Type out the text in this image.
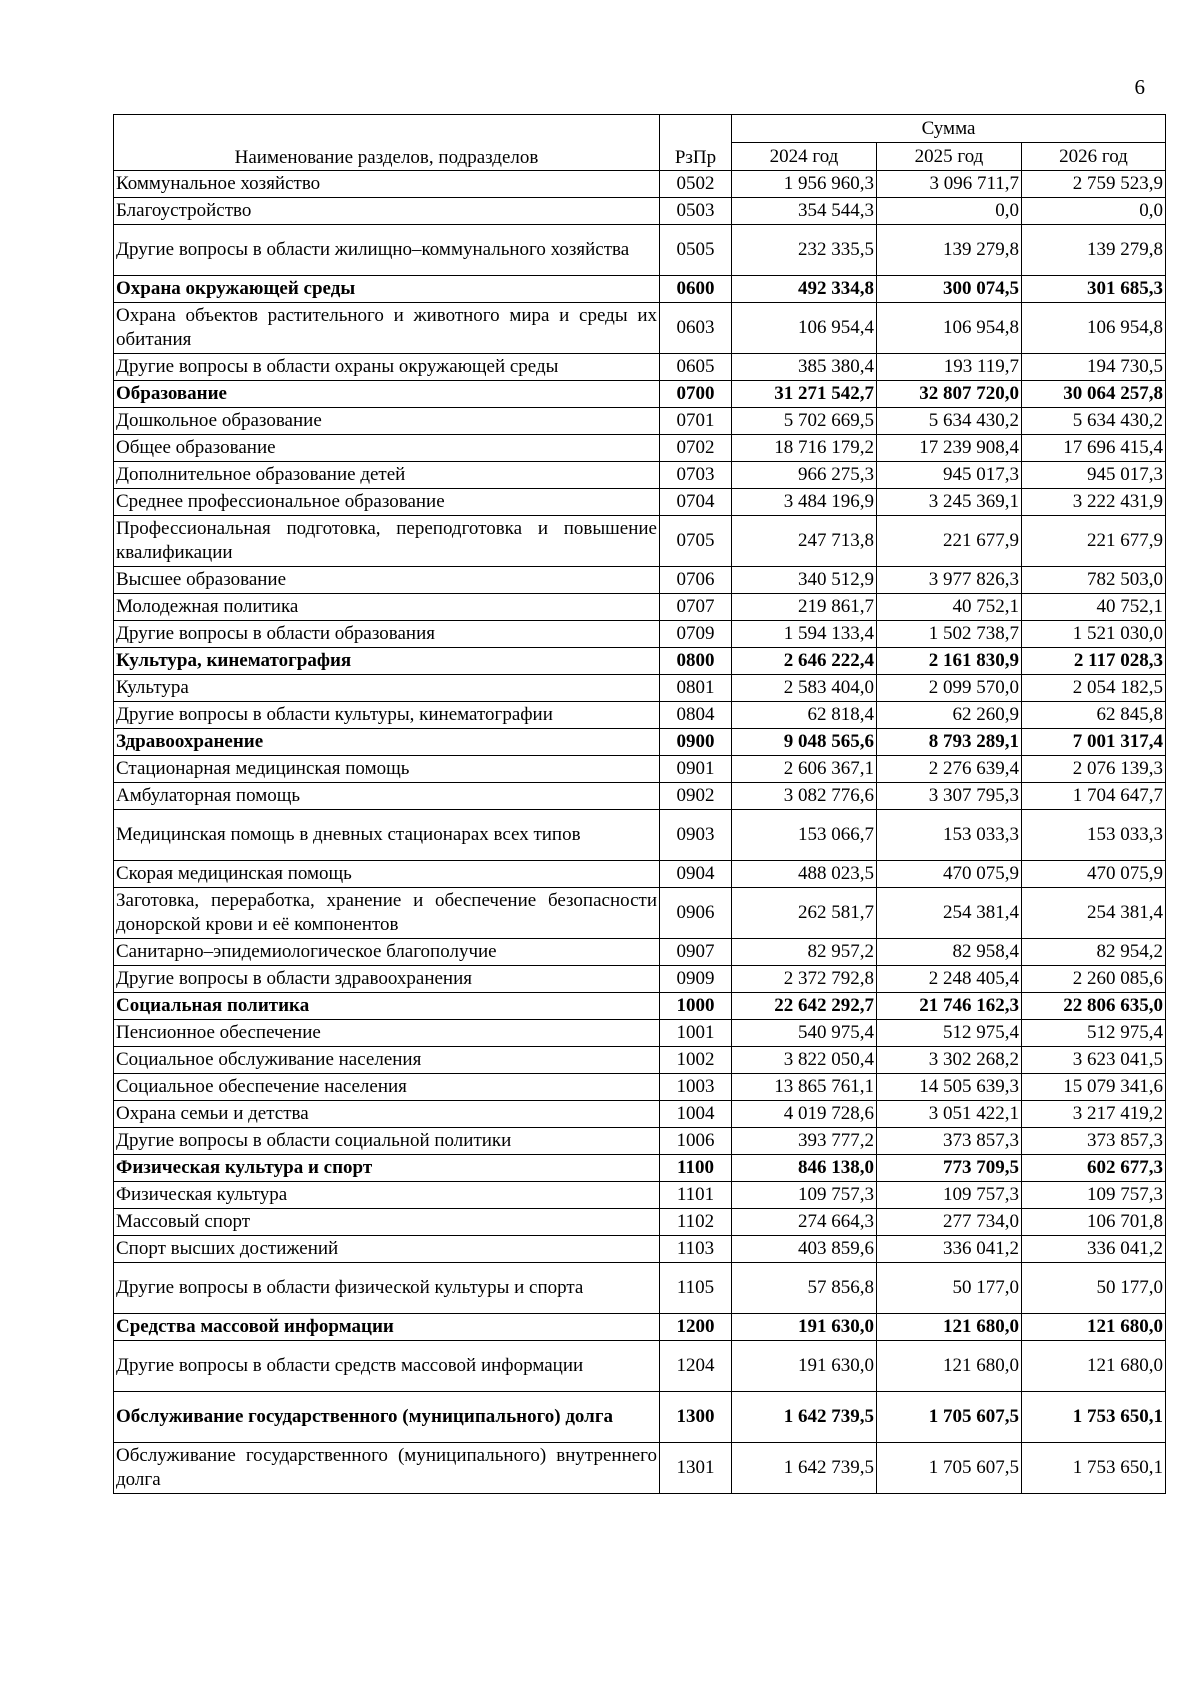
6
Наименование разделов, подразделов	РзПр	Сумма		
		2024 год	2025 год	2026 год
Коммунальное хозяйство	0502	1 956 960,3	3 096 711,7	2 759 523,9
Благоустройство	0503	354 544,3	0,0	0,0
Другие вопросы в области жилищно–коммунального хозяйства	0505	232 335,5	139 279,8	139 279,8
Охрана окружающей среды	0600	492 334,8	300 074,5	301 685,3
Охрана объектов растительного и животного мира и среды их обитания	0603	106 954,4	106 954,8	106 954,8
Другие вопросы в области охраны окружающей среды	0605	385 380,4	193 119,7	194 730,5
Образование	0700	31 271 542,7	32 807 720,0	30 064 257,8
Дошкольное образование	0701	5 702 669,5	5 634 430,2	5 634 430,2
Общее образование	0702	18 716 179,2	17 239 908,4	17 696 415,4
Дополнительное образование детей	0703	966 275,3	945 017,3	945 017,3
Среднее профессиональное образование	0704	3 484 196,9	3 245 369,1	3 222 431,9
Профессиональная подготовка, переподготовка и повышение квалификации	0705	247 713,8	221 677,9	221 677,9
Высшее образование	0706	340 512,9	3 977 826,3	782 503,0
Молодежная политика	0707	219 861,7	40 752,1	40 752,1
Другие вопросы в области образования	0709	1 594 133,4	1 502 738,7	1 521 030,0
Культура, кинематография	0800	2 646 222,4	2 161 830,9	2 117 028,3
Культура	0801	2 583 404,0	2 099 570,0	2 054 182,5
Другие вопросы в области культуры, кинематографии	0804	62 818,4	62 260,9	62 845,8
Здравоохранение	0900	9 048 565,6	8 793 289,1	7 001 317,4
Стационарная медицинская помощь	0901	2 606 367,1	2 276 639,4	2 076 139,3
Амбулаторная помощь	0902	3 082 776,6	3 307 795,3	1 704 647,7
Медицинская помощь в дневных стационарах всех типов	0903	153 066,7	153 033,3	153 033,3
Скорая медицинская помощь	0904	488 023,5	470 075,9	470 075,9
Заготовка, переработка, хранение и обеспечение безопасности донорской крови и её компонентов	0906	262 581,7	254 381,4	254 381,4
Санитарно–эпидемиологическое благополучие	0907	82 957,2	82 958,4	82 954,2
Другие вопросы в области здравоохранения	0909	2 372 792,8	2 248 405,4	2 260 085,6
Социальная политика	1000	22 642 292,7	21 746 162,3	22 806 635,0
Пенсионное обеспечение	1001	540 975,4	512 975,4	512 975,4
Социальное обслуживание населения	1002	3 822 050,4	3 302 268,2	3 623 041,5
Социальное обеспечение населения	1003	13 865 761,1	14 505 639,3	15 079 341,6
Охрана семьи и детства	1004	4 019 728,6	3 051 422,1	3 217 419,2
Другие вопросы в области социальной политики	1006	393 777,2	373 857,3	373 857,3
Физическая культура и спорт	1100	846 138,0	773 709,5	602 677,3
Физическая культура	1101	109 757,3	109 757,3	109 757,3
Массовый спорт	1102	274 664,3	277 734,0	106 701,8
Спорт высших достижений	1103	403 859,6	336 041,2	336 041,2
Другие вопросы в области физической культуры и спорта	1105	57 856,8	50 177,0	50 177,0
Средства массовой информации	1200	191 630,0	121 680,0	121 680,0
Другие вопросы в области средств массовой информации	1204	191 630,0	121 680,0	121 680,0
Обслуживание государственного (муниципального) долга	1300	1 642 739,5	1 705 607,5	1 753 650,1
Обслуживание государственного (муниципального) внутреннего долга	1301	1 642 739,5	1 705 607,5	1 753 650,1
